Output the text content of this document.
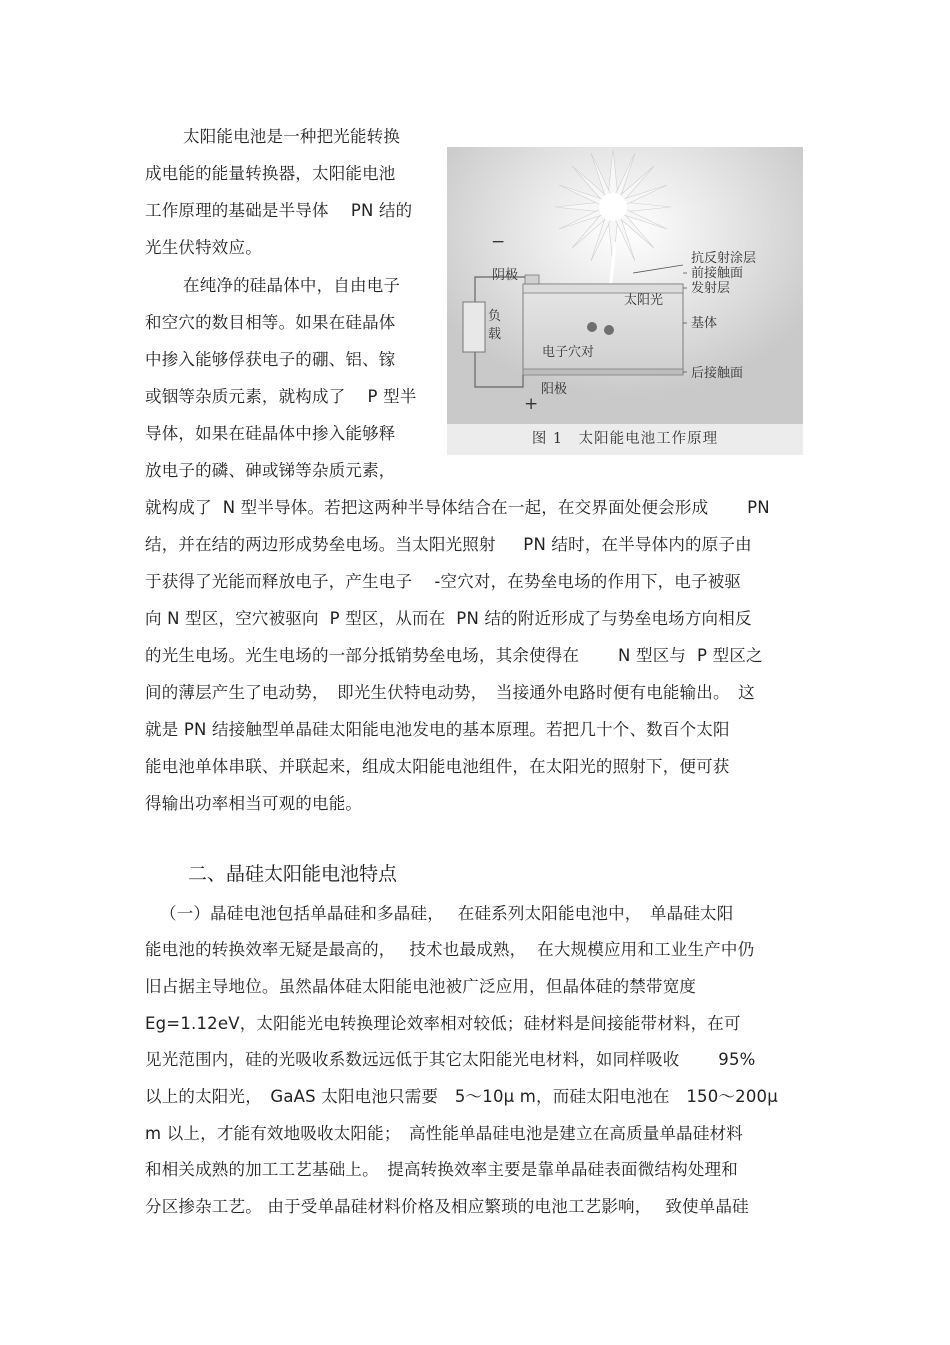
太阳能电池是一种把光能转换
成电能的能量转换器，太阳能电池
工作原理的基础是半导体　 PN 结的
光生伏特效应。
在纯净的硅晶体中，自由电子
和空穴的数目相等。如果在硅晶体
中掺入能够俘获电子的硼、铝、镓
或铟等杂质元素，就构成了　 P 型半
导体，如果在硅晶体中掺入能够释
放电子的磷、砷或锑等杂质元素，
−
+
阴极
阳极
负
载
太阳光
电子穴对
抗反射涂层
前接触面
发射层
基体
后接触面
图 1　太阳能电池工作原理
就构成了  N 型半导体。若把这两种半导体结合在一起，在交界面处便会形成　　 PN
结，并在结的两边形成势垒电场。当太阳光照射　  PN 结时，在半导体内的原子由
于获得了光能而释放电子，产生电子　 -空穴对，在势垒电场的作用下，电子被驱
向 N 型区，空穴被驱向  P 型区，从而在  PN 结的附近形成了与势垒电场方向相反
的光生电场。光生电场的一部分抵销势垒电场，其余使得在　　 N 型区与  P 型区之
间的薄层产生了电动势，　即光生伏特电动势，　当接通外电路时便有电能输出。　这
就是 PN 结接触型单晶硅太阳能电池发电的基本原理。若把几十个、数百个太阳
能电池单体串联、并联起来，组成太阳能电池组件，在太阳光的照射下，便可获
得输出功率相当可观的电能。
二、晶硅太阳能电池特点
（一）晶硅电池包括单晶硅和多晶硅，　 在硅系列太阳能电池中，　单晶硅太阳
能电池的转换效率无疑是最高的，　 技术也最成熟，  在大规模应用和工业生产中仍
旧占据主导地位。虽然晶体硅太阳能电池被广泛应用，但晶体硅的禁带宽度
Eg=1.12eV，太阳能光电转换理论效率相对较低；硅材料是间接能带材料，在可
见光范围内，硅的光吸收系数远远低于其它太阳能光电材料，如同样吸收　　 95%
以上的太阳光，　GaAS 太阳电池只需要　5～10μ m，而硅太阳电池在　150～200μ
m 以上，才能有效地吸收太阳能；　高性能单晶硅电池是建立在高质量单晶硅材料
和相关成熟的加工工艺基础上。　提高转换效率主要是靠单晶硅表面微结构处理和
分区掺杂工艺。 由于受单晶硅材料价格及相应繁琐的电池工艺影响，　 致使单晶硅
